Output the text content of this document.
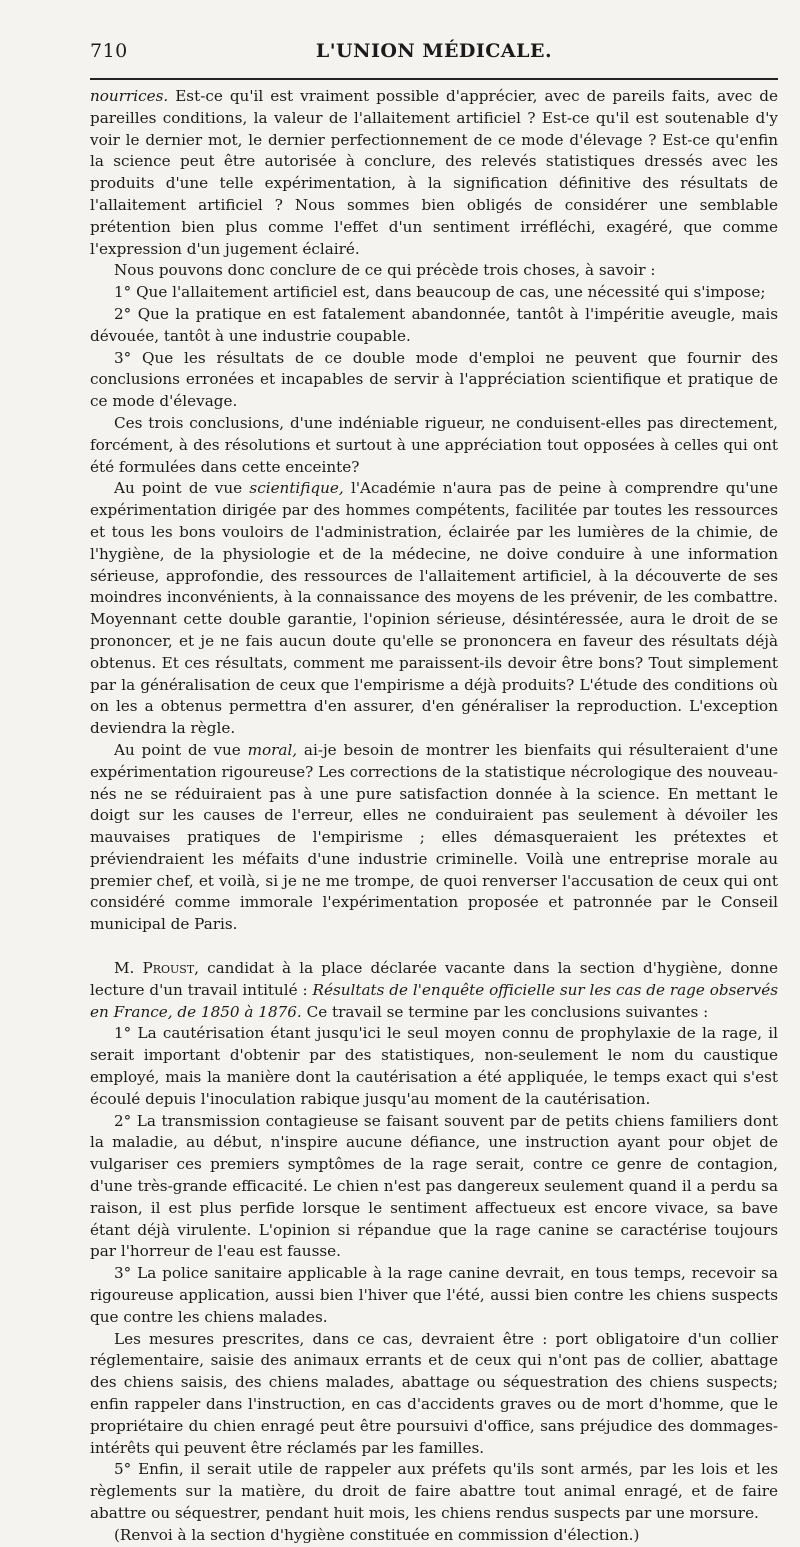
710	L'UNION MÉDICALE.

nourrices. Est-ce qu'il est vraiment possible d'apprécier, avec de pareils faits, avec de pareilles conditions, la valeur de l'allaitement artificiel ? Est-ce qu'il est soutenable d'y voir le dernier mot, le dernier perfectionnement de ce mode d'élevage ? Est-ce qu'enfin la science peut être autorisée à conclure, des relevés statistiques dressés avec les produits d'une telle expérimentation, à la signification définitive des résultats de l'allaitement artificiel ? Nous sommes bien obligés de considérer une semblable prétention bien plus comme l'effet d'un sentiment irréfléchi, exagéré, que comme l'expression d'un jugement éclairé.

Nous pouvons donc conclure de ce qui précède trois choses, à savoir :

1° Que l'allaitement artificiel est, dans beaucoup de cas, une nécessité qui s'impose;

2° Que la pratique en est fatalement abandonnée, tantôt à l'impéritie aveugle, mais dévouée, tantôt à une industrie coupable.

3° Que les résultats de ce double mode d'emploi ne peuvent que fournir des conclusions erronées et incapables de servir à l'appréciation scientifique et pratique de ce mode d'élevage.

Ces trois conclusions, d'une indéniable rigueur, ne conduisent-elles pas directement, forcément, à des résolutions et surtout à une appréciation tout opposées à celles qui ont été formulées dans cette enceinte?

Au point de vue scientifique, l'Académie n'aura pas de peine à comprendre qu'une expérimentation dirigée par des hommes compétents, facilitée par toutes les ressources et tous les bons vouloirs de l'administration, éclairée par les lumières de la chimie, de l'hygiène, de la physiologie et de la médecine, ne doive conduire à une information sérieuse, approfondie, des ressources de l'allaitement artificiel, à la découverte de ses moindres inconvénients, à la connaissance des moyens de les prévenir, de les combattre. Moyennant cette double garantie, l'opinion sérieuse, désintéressée, aura le droit de se prononcer, et je ne fais aucun doute qu'elle se prononcera en faveur des résultats déjà obtenus. Et ces résultats, comment me paraissent-ils devoir être bons? Tout simplement par la généralisation de ceux que l'empirisme a déjà produits? L'étude des conditions où on les a obtenus permettra d'en assurer, d'en généraliser la reproduction. L'exception deviendra la règle.

Au point de vue moral, ai-je besoin de montrer les bienfaits qui résulteraient d'une expérimentation rigoureuse? Les corrections de la statistique nécrologique des nouveau-nés ne se réduiraient pas à une pure satisfaction donnée à la science. En mettant le doigt sur les causes de l'erreur, elles ne conduiraient pas seulement à dévoiler les mauvaises pratiques de l'empirisme ; elles démasqueraient les prétextes et préviendraient les méfaits d'une industrie criminelle. Voilà une entreprise morale au premier chef, et voilà, si je ne me trompe, de quoi renverser l'accusation de ceux qui ont considéré comme immorale l'expérimentation proposée et patronnée par le Conseil municipal de Paris.

M. Proust, candidat à la place déclarée vacante dans la section d'hygiène, donne lecture d'un travail intitulé : Résultats de l'enquête officielle sur les cas de rage observés en France, de 1850 à 1876. Ce travail se termine par les conclusions suivantes :

1° La cautérisation étant jusqu'ici le seul moyen connu de prophylaxie de la rage, il serait important d'obtenir par des statistiques, non-seulement le nom du caustique employé, mais la manière dont la cautérisation a été appliquée, le temps exact qui s'est écoulé depuis l'inoculation rabique jusqu'au moment de la cautérisation.

2° La transmission contagieuse se faisant souvent par de petits chiens familiers dont la maladie, au début, n'inspire aucune défiance, une instruction ayant pour objet de vulgariser ces premiers symptômes de la rage serait, contre ce genre de contagion, d'une très-grande efficacité. Le chien n'est pas dangereux seulement quand il a perdu sa raison, il est plus perfide lorsque le sentiment affectueux est encore vivace, sa bave étant déjà virulente. L'opinion si répandue que la rage canine se caractérise toujours par l'horreur de l'eau est fausse.

3° La police sanitaire applicable à la rage canine devrait, en tous temps, recevoir sa rigoureuse application, aussi bien l'hiver que l'été, aussi bien contre les chiens suspects que contre les chiens malades.

Les mesures prescrites, dans ce cas, devraient être : port obligatoire d'un collier réglementaire, saisie des animaux errants et de ceux qui n'ont pas de collier, abattage des chiens saisis, des chiens malades, abattage ou séquestration des chiens suspects; enfin rappeler dans l'instruction, en cas d'accidents graves ou de mort d'homme, que le propriétaire du chien enragé peut être poursuivi d'office, sans préjudice des dommages-intérêts qui peuvent être réclamés par les familles.

5° Enfin, il serait utile de rappeler aux préfets qu'ils sont armés, par les lois et les règlements sur la matière, du droit de faire abattre tout animal enragé, et de faire abattre ou séquestrer, pendant huit mois, les chiens rendus suspects par une morsure.

(Renvoi à la section d'hygiène constituée en commission d'élection.)
